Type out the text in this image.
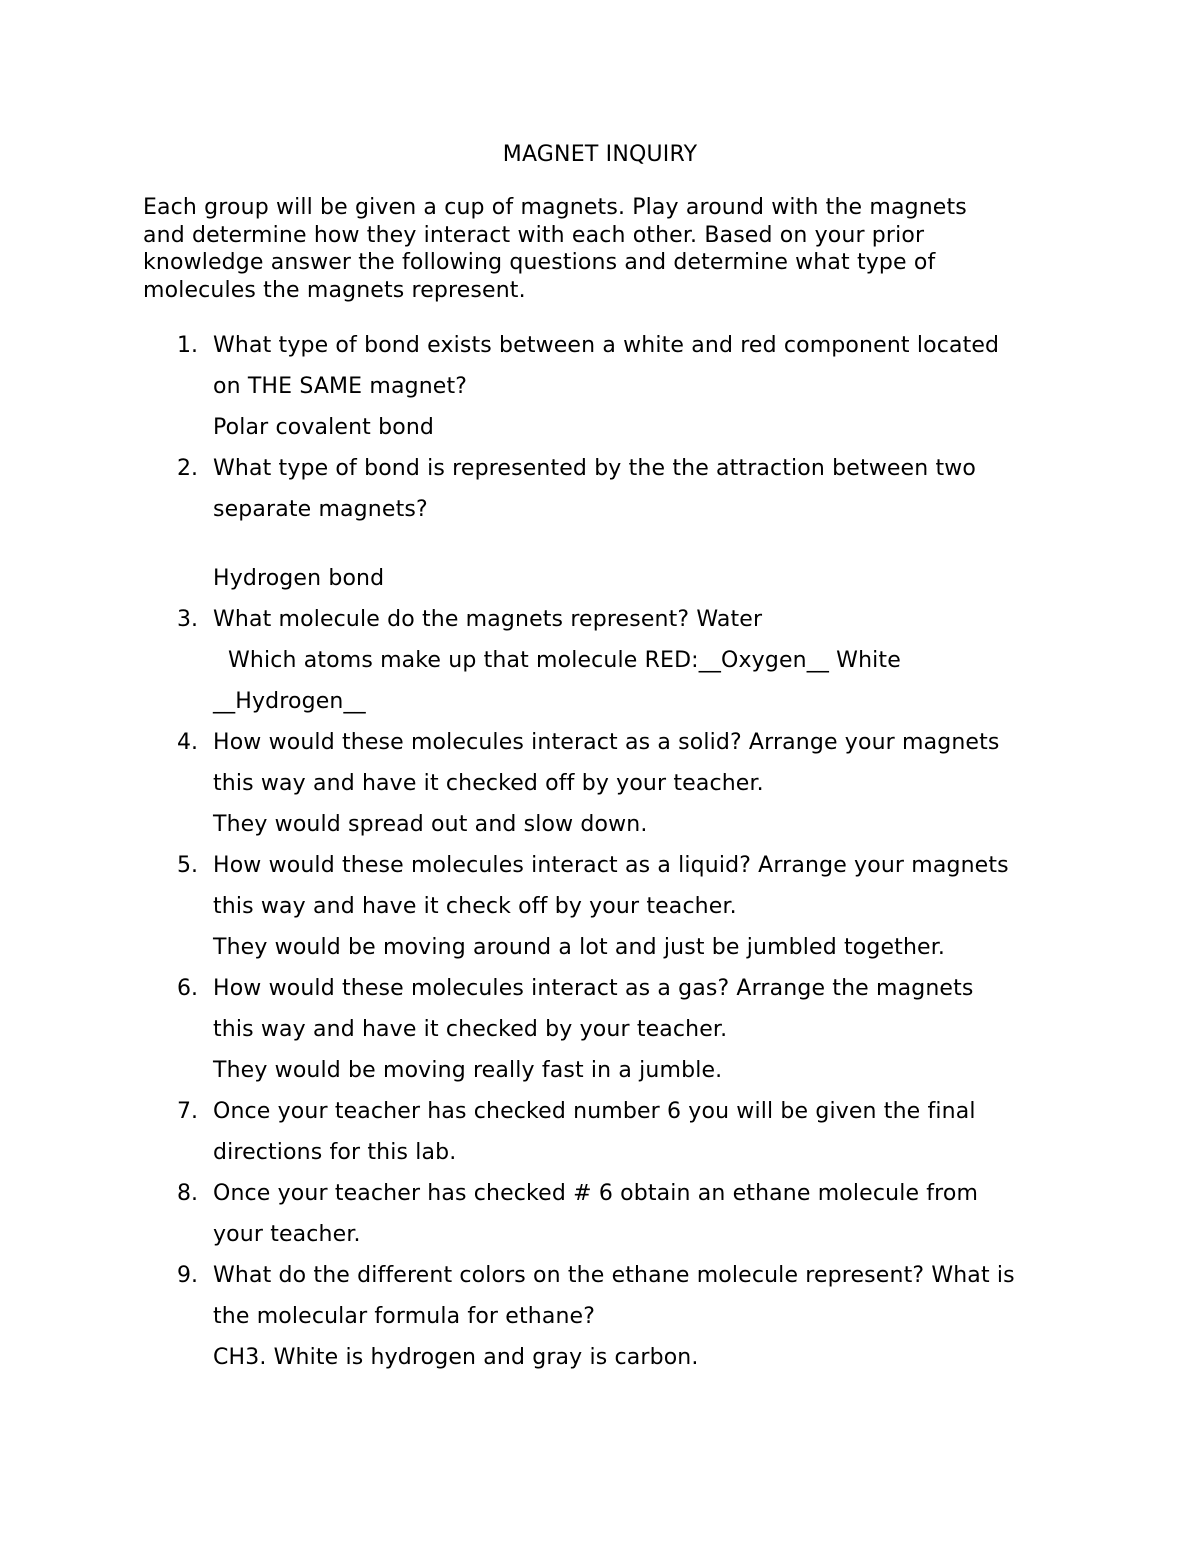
MAGNET INQUIRY
Each group will be given a cup of magnets. Play around with the magnets
and determine how they interact with each other. Based on your prior
knowledge answer the following questions and determine what type of
molecules the magnets represent.
1. What type of bond exists between a white and red component located
on THE SAME magnet?
Polar covalent bond
2. What type of bond is represented by the the attraction between two
separate magnets?
Hydrogen bond
3. What molecule do the magnets represent? Water
Which atoms make up that molecule RED:__Oxygen__ White
__Hydrogen__
4. How would these molecules interact as a solid? Arrange your magnets
this way and have it checked off by your teacher.
They would spread out and slow down.
5. How would these molecules interact as a liquid? Arrange your magnets
this way and have it check off by your teacher.
They would be moving around a lot and just be jumbled together.
6. How would these molecules interact as a gas? Arrange the magnets
this way and have it checked by your teacher.
They would be moving really fast in a jumble.
7. Once your teacher has checked number 6 you will be given the final
directions for this lab.
8. Once your teacher has checked # 6 obtain an ethane molecule from
your teacher.
9. What do the different colors on the ethane molecule represent? What is
the molecular formula for ethane?
CH3. White is hydrogen and gray is carbon.
